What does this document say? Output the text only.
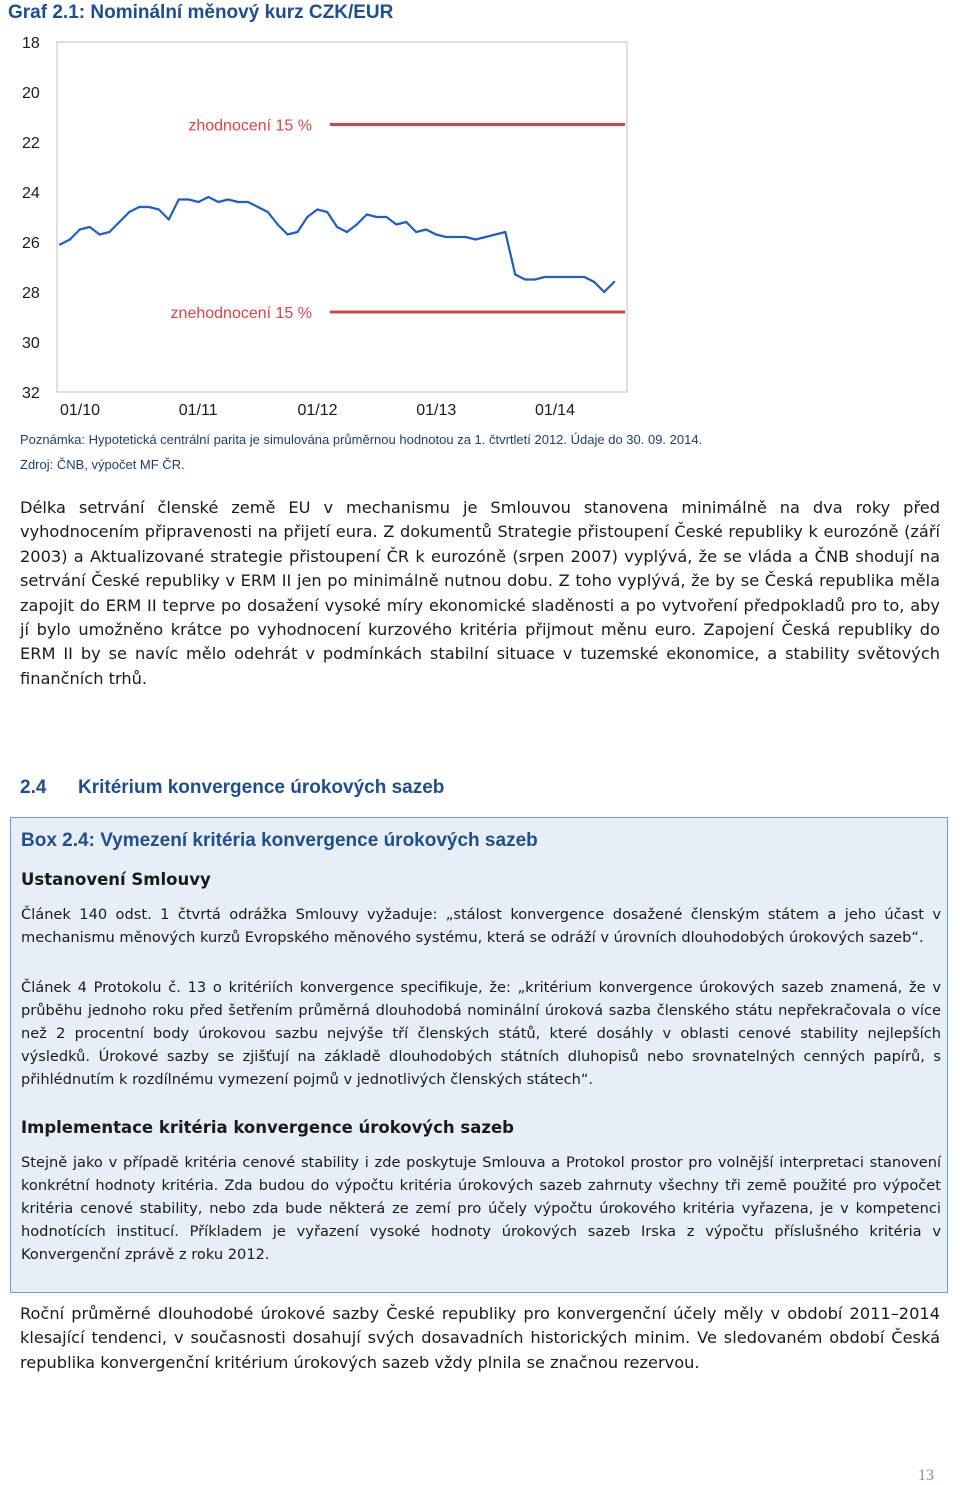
Graf 2.1: Nominální měnový kurz CZK/EUR
18
20
22
24
26
28
30
32
01/10	01/11	01/12	01/13	01/14
zhodnocení 15 %
znehodnocení 15 %
Poznámka: Hypotetická centrální parita je simulována průměrnou hodnotou za 1. čtvrtletí 2012. Údaje do 30. 09. 2014.
Zdroj: ČNB, výpočet MF ČR.

Délka setrvání členské země EU v mechanismu je Smlouvou stanovena minimálně na dva roky před vyhodnocením připravenosti na přijetí eura. Z dokumentů Strategie přistoupení České republiky k eurozóně (září 2003) a Aktualizované strategie přistoupení ČR k eurozóně (srpen 2007) vyplývá, že se vláda a ČNB shodují na setrvání České republiky v ERM II jen po minimálně nutnou dobu. Z toho vyplývá, že by se Česká republika měla zapojit do ERM II teprve po dosažení vysoké míry ekonomické sladěnosti a po vytvoření předpokladů pro to, aby jí bylo umožněno krátce po vyhodnocení kurzového kritéria přijmout měnu euro. Zapojení Česká republiky do ERM II by se navíc mělo odehrát v podmínkách stabilní situace v tuzemské ekonomice, a stability světových finančních trhů.

2.4 Kritérium konvergence úrokových sazeb
Box 2.4: Vymezení kritéria konvergence úrokových sazeb
Ustanovení Smlouvy

Článek 140 odst. 1 čtvrtá odrážka Smlouvy vyžaduje: „stálost konvergence dosažené členským státem a jeho účast v mechanismu měnových kurzů Evropského měnového systému, která se odráží v úrovních dlouhodobých úrokových sazeb“.

Článek 4 Protokolu č. 13 o kritériích konvergence specifikuje, že: „kritérium konvergence úrokových sazeb znamená, že v průběhu jednoho roku před šetřením průměrná dlouhodobá nominální úroková sazba členského státu nepřekračovala o více než 2 procentní body úrokovou sazbu nejvýše tří členských států, které dosáhly v oblasti cenové stability nejlepších výsledků. Úrokové sazby se zjišťují na základě dlouhodobých státních dluhopisů nebo srovnatelných cenných papírů, s přihlédnutím k rozdílnému vymezení pojmů v jednotlivých členských státech“.

Implementace kritéria konvergence úrokových sazeb

Stejně jako v případě kritéria cenové stability i zde poskytuje Smlouva a Protokol prostor pro volnější interpretaci stanovení konkrétní hodnoty kritéria. Zda budou do výpočtu kritéria úrokových sazeb zahrnuty všechny tři země použité pro výpočet kritéria cenové stability, nebo zda bude některá ze zemí pro účely výpočtu úrokového kritéria vyřazena, je v kompetenci hodnotících institucí. Příkladem je vyřazení vysoké hodnoty úrokových sazeb Irska z výpočtu příslušného kritéria v Konvergenční zprávě z roku 2012.

Roční průměrné dlouhodobé úrokové sazby České republiky pro konvergenční účely měly v období 2011–2014 klesající tendenci, v současnosti dosahují svých dosavadních historických minim. Ve sledovaném období Česká republika konvergenční kritérium úrokových sazeb vždy plnila se značnou rezervou.

13
